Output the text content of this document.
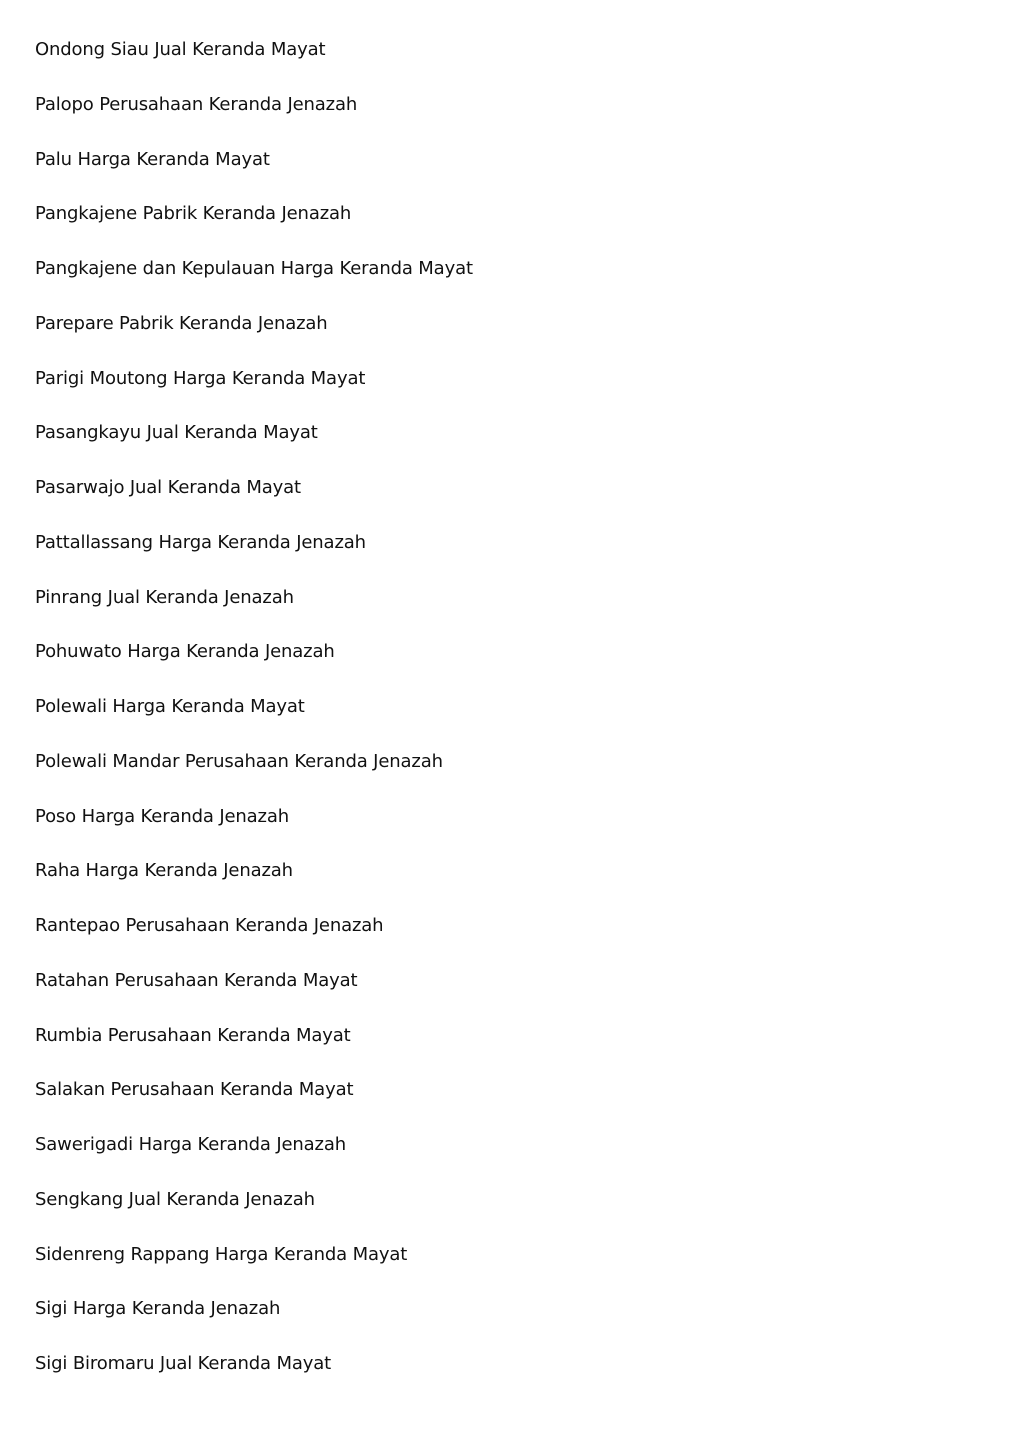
Ondong Siau Jual Keranda Mayat
Palopo Perusahaan Keranda Jenazah
Palu Harga Keranda Mayat
Pangkajene Pabrik Keranda Jenazah
Pangkajene dan Kepulauan Harga Keranda Mayat
Parepare Pabrik Keranda Jenazah
Parigi Moutong Harga Keranda Mayat
Pasangkayu Jual Keranda Mayat
Pasarwajo Jual Keranda Mayat
Pattallassang Harga Keranda Jenazah
Pinrang Jual Keranda Jenazah
Pohuwato Harga Keranda Jenazah
Polewali Harga Keranda Mayat
Polewali Mandar Perusahaan Keranda Jenazah
Poso Harga Keranda Jenazah
Raha Harga Keranda Jenazah
Rantepao Perusahaan Keranda Jenazah
Ratahan Perusahaan Keranda Mayat
Rumbia Perusahaan Keranda Mayat
Salakan Perusahaan Keranda Mayat
Sawerigadi Harga Keranda Jenazah
Sengkang Jual Keranda Jenazah
Sidenreng Rappang Harga Keranda Mayat
Sigi Harga Keranda Jenazah
Sigi Biromaru Jual Keranda Mayat
